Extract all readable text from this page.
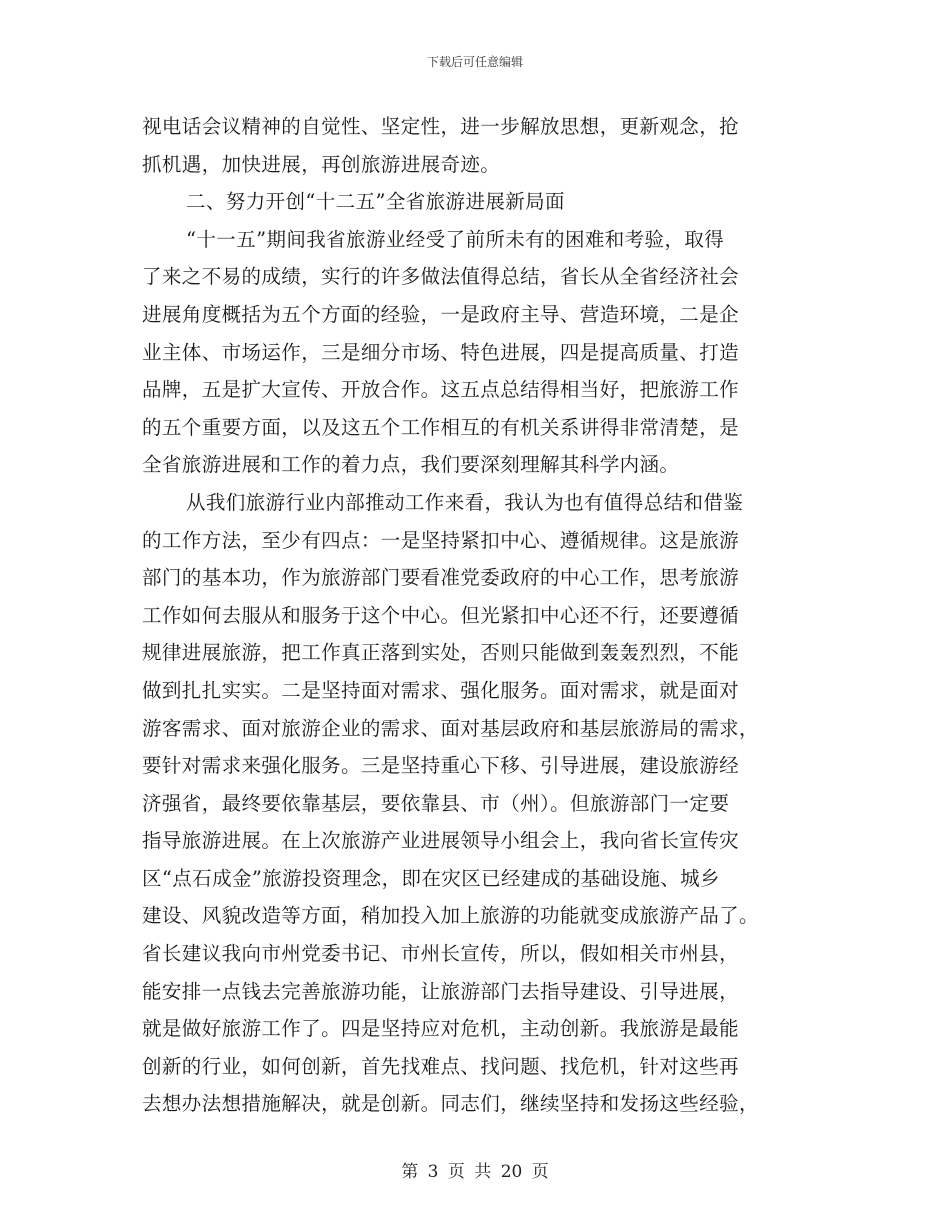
下载后可任意编辑
视电话会议精神的自觉性、坚定性，进一步解放思想，更新观念，抢
抓机遇，加快进展，再创旅游进展奇迹。
二、努力开创“十二五”全省旅游进展新局面
“十一五”期间我省旅游业经受了前所未有的困难和考验，取得
了来之不易的成绩，实行的许多做法值得总结，省长从全省经济社会
进展角度概括为五个方面的经验，一是政府主导、营造环境，二是企
业主体、市场运作，三是细分市场、特色进展，四是提高质量、打造
品牌，五是扩大宣传、开放合作。这五点总结得相当好，把旅游工作
的五个重要方面，以及这五个工作相互的有机关系讲得非常清楚，是
全省旅游进展和工作的着力点，我们要深刻理解其科学内涵。
从我们旅游行业内部推动工作来看，我认为也有值得总结和借鉴
的工作方法，至少有四点：一是坚持紧扣中心、遵循规律。这是旅游
部门的基本功，作为旅游部门要看准党委政府的中心工作，思考旅游
工作如何去服从和服务于这个中心。但光紧扣中心还不行，还要遵循
规律进展旅游，把工作真正落到实处，否则只能做到轰轰烈烈，不能
做到扎扎实实。二是坚持面对需求、强化服务。面对需求，就是面对
游客需求、面对旅游企业的需求、面对基层政府和基层旅游局的需求，
要针对需求来强化服务。三是坚持重心下移、引导进展，建设旅游经
济强省，最终要依靠基层，要依靠县、市（州）。但旅游部门一定要
指导旅游进展。在上次旅游产业进展领导小组会上，我向省长宣传灾
区“点石成金”旅游投资理念，即在灾区已经建成的基础设施、城乡
建设、风貌改造等方面，稍加投入加上旅游的功能就变成旅游产品了。
省长建议我向市州党委书记、市州长宣传，所以，假如相关市州县，
能安排一点钱去完善旅游功能，让旅游部门去指导建设、引导进展，
就是做好旅游工作了。四是坚持应对危机，主动创新。我旅游是最能
创新的行业，如何创新，首先找难点、找问题、找危机，针对这些再
去想办法想措施解决，就是创新。同志们，继续坚持和发扬这些经验，
第 3 页 共 20 页
